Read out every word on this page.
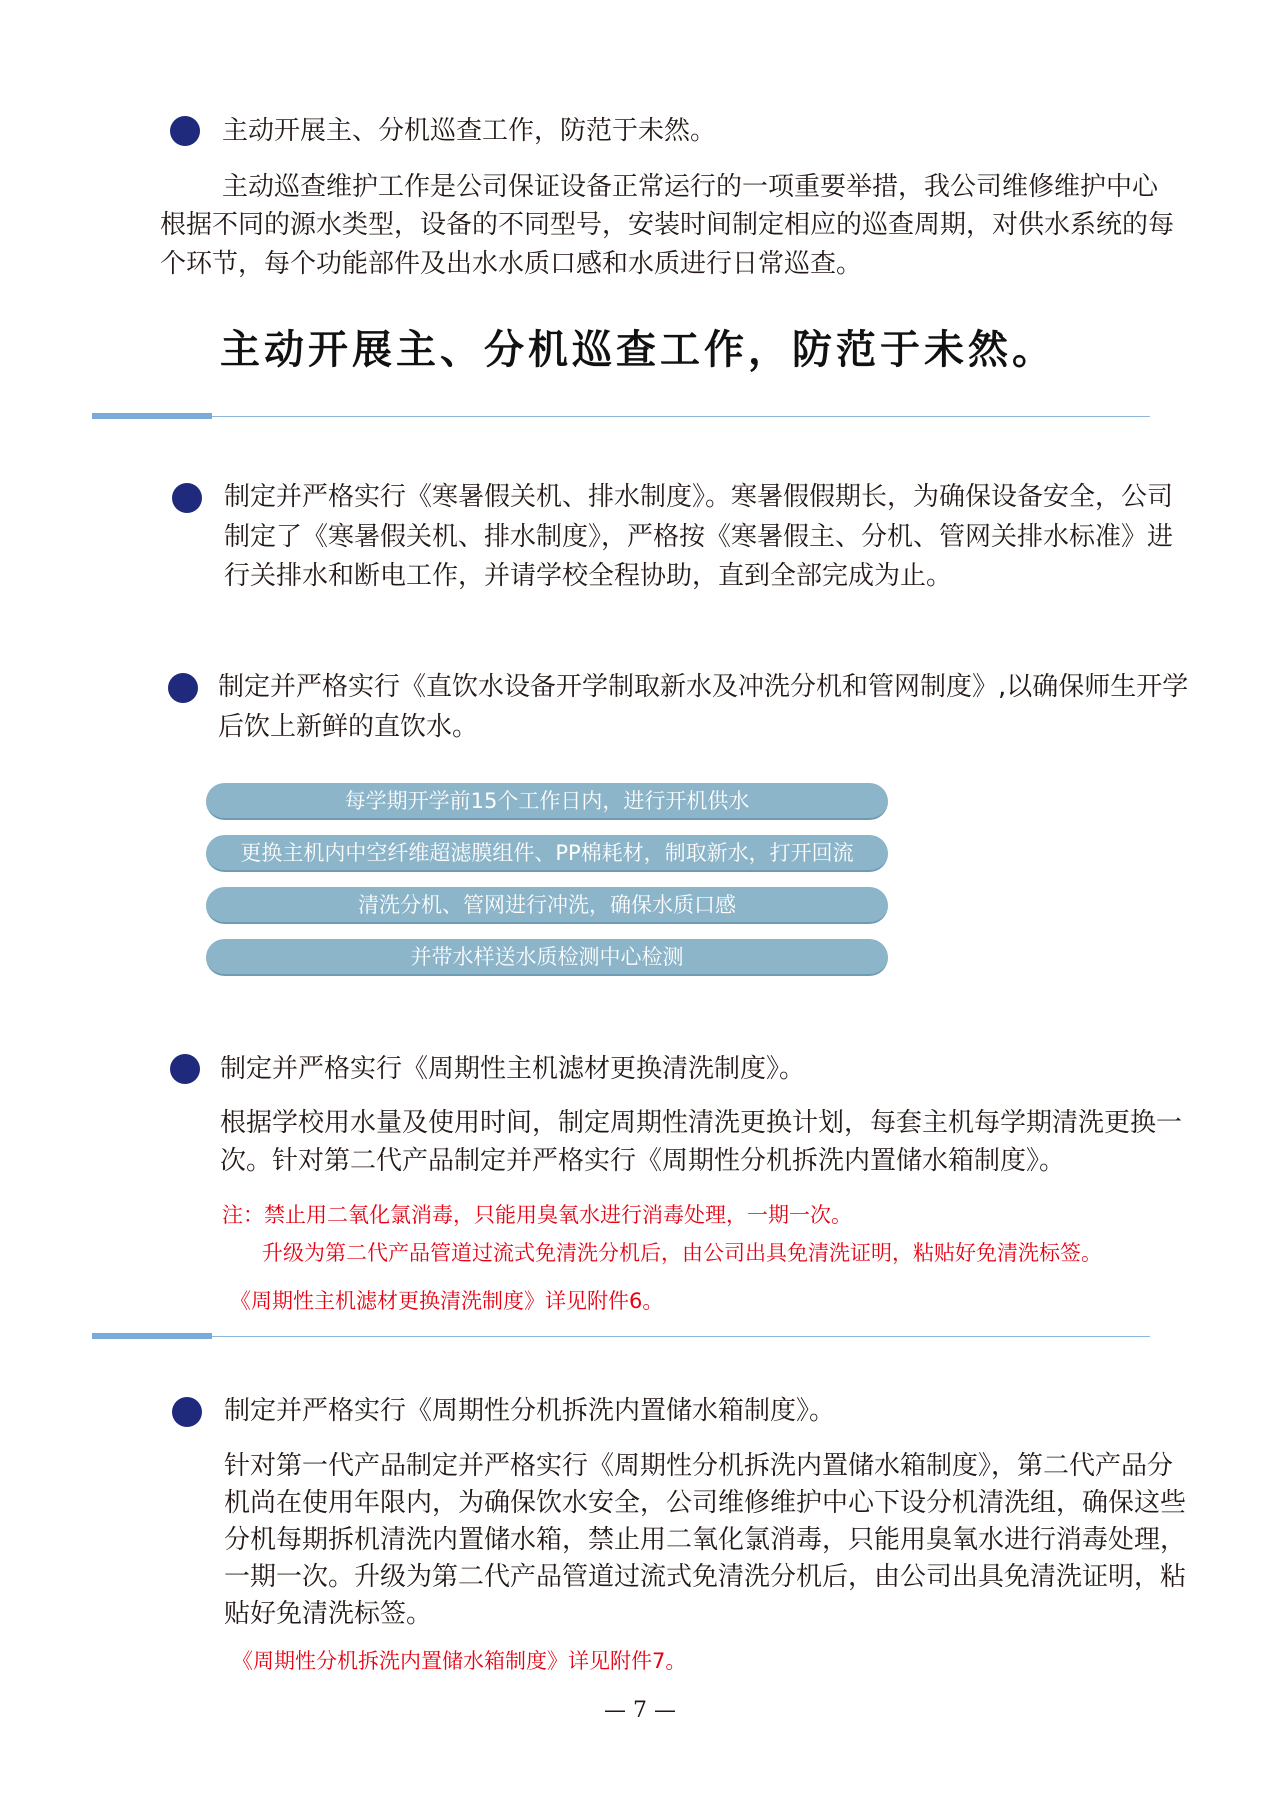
主动开展主、分机巡查工作，防范于未然。
主动巡查维护工作是公司保证设备正常运行的一项重要举措，我公司维修维护中心
根据不同的源水类型，设备的不同型号，安装时间制定相应的巡查周期，对供水系统的每
个环节，每个功能部件及出水水质口感和水质进行日常巡查。
主动开展主、分机巡查工作，防范于未然。
制定并严格实行《寒暑假关机、排水制度》。寒暑假假期长，为确保设备安全，公司
制定了《寒暑假关机、排水制度》，严格按《寒暑假主、分机、管网关排水标准》进
行关排水和断电工作，并请学校全程协助，直到全部完成为止。
制定并严格实行《直饮水设备开学制取新水及冲洗分机和管网制度》,以确保师生开学
后饮上新鲜的直饮水。
每学期开学前15个工作日内，进行开机供水
更换主机内中空纤维超滤膜组件、PP棉耗材，制取新水，打开回流
清洗分机、管网进行冲洗，确保水质口感
并带水样送水质检测中心检测
制定并严格实行《周期性主机滤材更换清洗制度》。
根据学校用水量及使用时间，制定周期性清洗更换计划，每套主机每学期清洗更换一
次。针对第二代产品制定并严格实行《周期性分机拆洗内置储水箱制度》。
注：禁止用二氧化氯消毒，只能用臭氧水进行消毒处理，一期一次。
升级为第二代产品管道过流式免清洗分机后，由公司出具免清洗证明，粘贴好免清洗标签。
《周期性主机滤材更换清洗制度》详见附件6。
制定并严格实行《周期性分机拆洗内置储水箱制度》。
针对第一代产品制定并严格实行《周期性分机拆洗内置储水箱制度》，第二代产品分
机尚在使用年限内，为确保饮水安全，公司维修维护中心下设分机清洗组，确保这些
分机每期拆机清洗内置储水箱，禁止用二氧化氯消毒，只能用臭氧水进行消毒处理，
一期一次。升级为第二代产品管道过流式免清洗分机后，由公司出具免清洗证明，粘
贴好免清洗标签。
《周期性分机拆洗内置储水箱制度》详见附件7。
— 7 —
